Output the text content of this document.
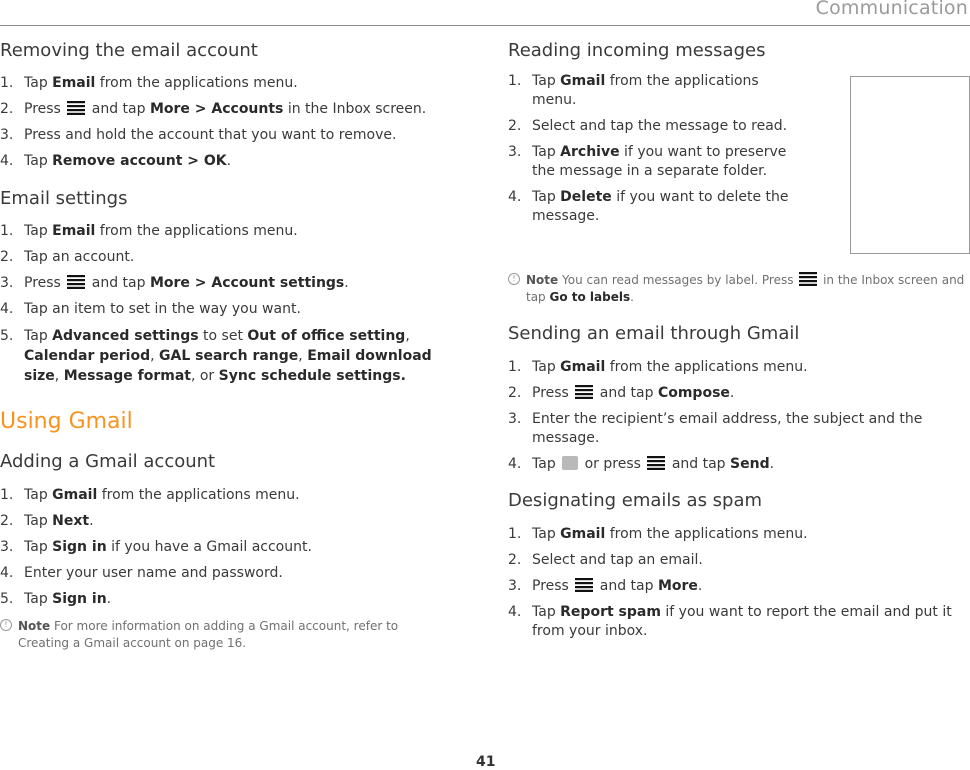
Communication
Removing the email account
1. Tap Email from the applications menu.
2. Press
and tap More > Accounts in the Inbox screen.
3. Press and hold the account that you want to remove.
4. Tap Remove account > OK.
Email settings
1. Tap Email from the applications menu.
2. Tap an account.
3. Press
and tap More > Account settings.
4. Tap an item to set in the way you want.
5. Tap Advanced settings to set Out of office setting, Calendar period, GAL search range, Email download size, Message format, or Sync schedule settings.
Using Gmail
Adding a Gmail account
1. Tap Gmail from the applications menu.
2. Tap Next.
3. Tap Sign in if you have a Gmail account.
4. Enter your user name and password.
5. Tap Sign in.
! Note For more information on adding a Gmail account, refer to Creating a Gmail account on page 16.
Reading incoming messages
1. Tap Gmail from the applications menu.
2. Select and tap the message to read.
3. Tap Archive if you want to preserve the message in a separate folder.
4. Tap Delete if you want to delete the message.
! Note You can read messages by label. Press
in the Inbox screen and tap Go to labels.
Sending an email through Gmail
1. Tap Gmail from the applications menu.
2. Press
and tap Compose.
3. Enter the recipient’s email address, the subject and the message.
4. Tap  or press
and tap Send.
Designating emails as spam
1. Tap Gmail from the applications menu.
2. Select and tap an email.
3. Press
and tap More.
4. Tap Report spam if you want to report the email and put it from your inbox.
41
